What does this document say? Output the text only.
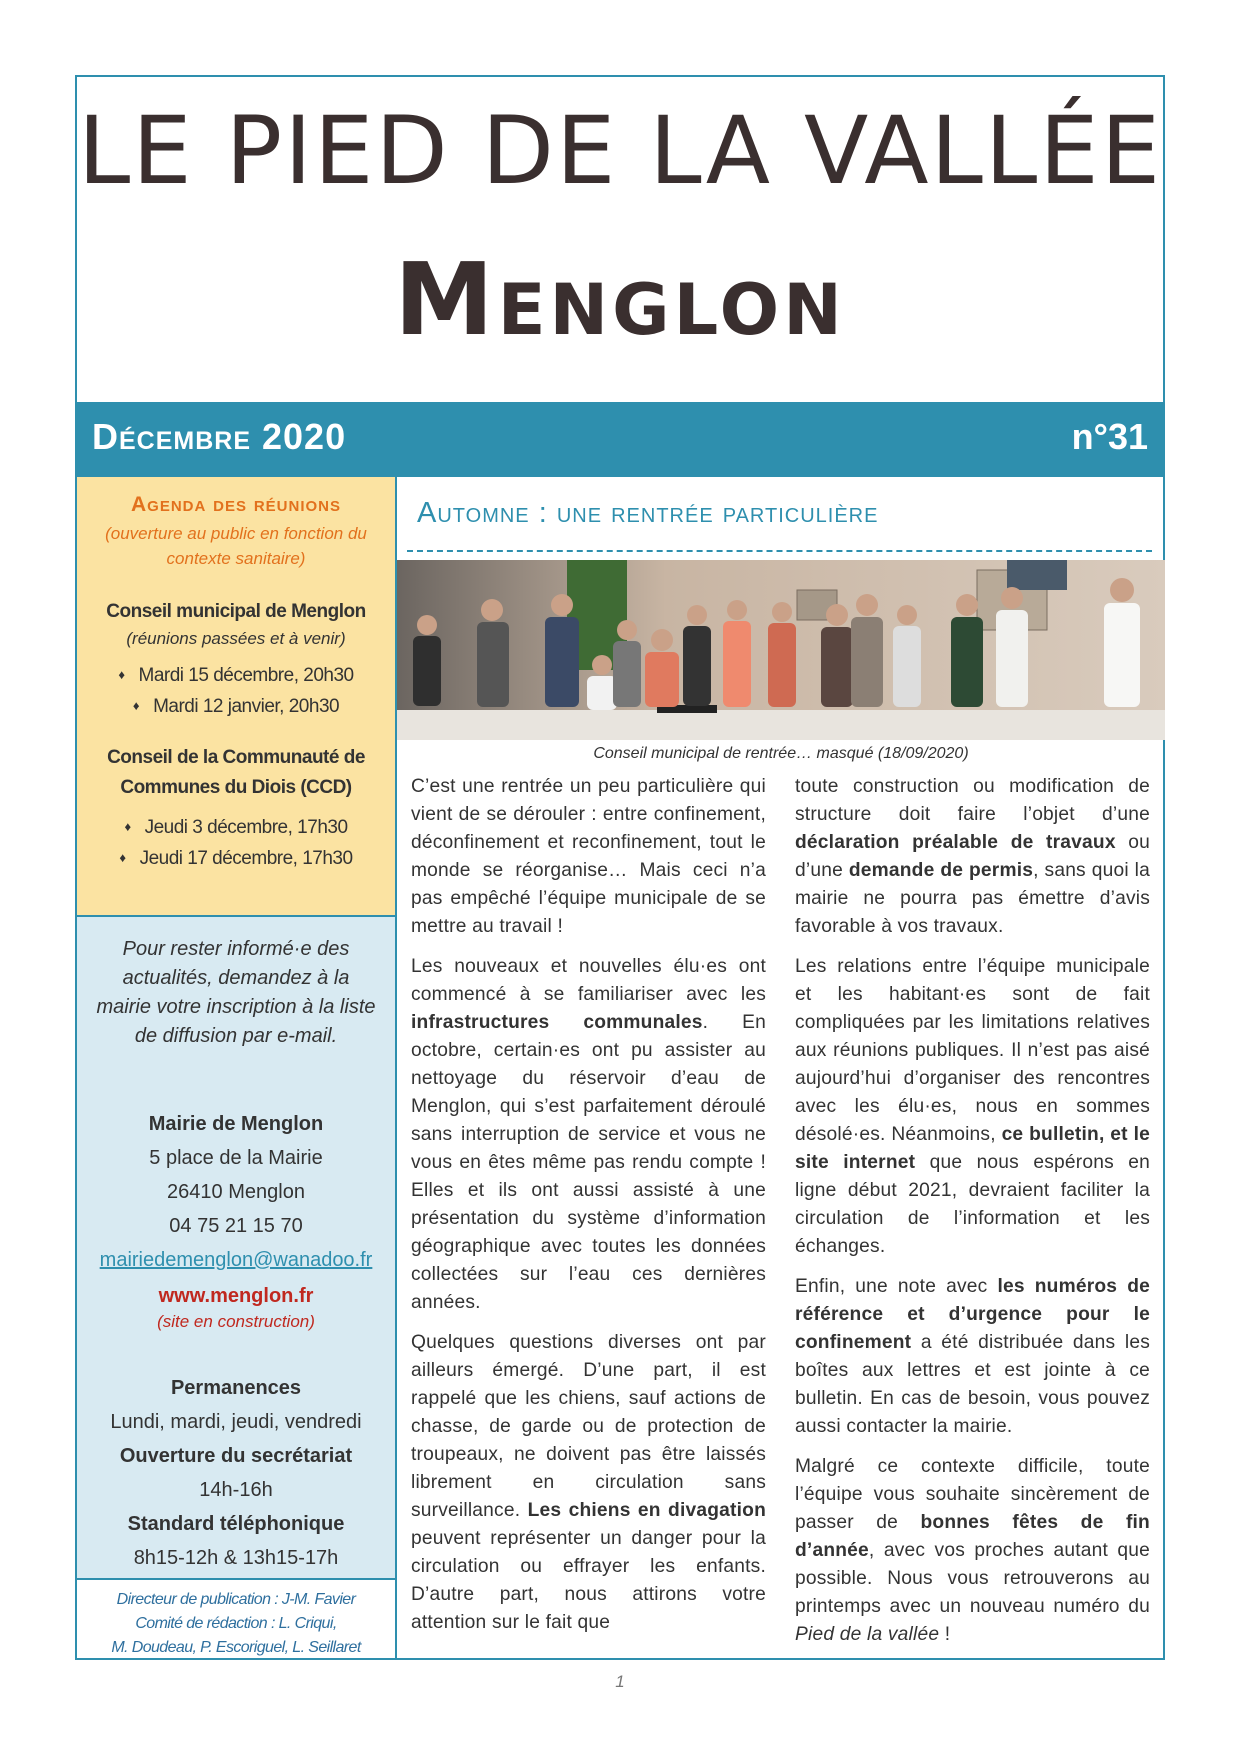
LE PIED DE LA VALLÉE
Menglon
Décembre 2020	n°31
Agenda des réunions
(ouverture au public en fonction du contexte sanitaire)
Conseil municipal de Menglon
(réunions passées et à venir)
♦ Mardi 15 décembre, 20h30
♦ Mardi 12 janvier, 20h30
Conseil de la Communauté de Communes du Diois (CCD)
♦ Jeudi 3 décembre, 17h30
♦ Jeudi 17 décembre, 17h30
Pour rester informé·e des actualités, demandez à la mairie votre inscription à la liste de diffusion par e-mail.
Mairie de Menglon
5 place de la Mairie
26410 Menglon
04 75 21 15 70
mairiedemenglon@wanadoo.fr
www.menglon.fr
(site en construction)
Permanences
Lundi, mardi, jeudi, vendredi
Ouverture du secrétariat
14h-16h
Standard téléphonique
8h15-12h & 13h15-17h
Directeur de publication : J-M. Favier
Comité de rédaction : L. Criqui,
M. Doudeau, P. Escoriguel, L. Seillaret
Automne : une rentrée particulière
Conseil municipal de rentrée… masqué (18/09/2020)

C’est une rentrée un peu particulière qui vient de se dérouler : entre confinement, déconfinement et reconfinement, tout le monde se réorganise… Mais ceci n’a pas empêché l’équipe municipale de se mettre au travail !

Les nouveaux et nouvelles élu·es ont commencé à se familiariser avec les infrastructures communales. En octobre, certain·es ont pu assister au nettoyage du réservoir d’eau de Menglon, qui s’est parfaitement déroulé sans interruption de service et vous ne vous en êtes même pas rendu compte ! Elles et ils ont aussi assisté à une présentation du système d’information géographique avec toutes les données collectées sur l’eau ces dernières années.

Quelques questions diverses ont par ailleurs émergé. D’une part, il est rappelé que les chiens, sauf actions de chasse, de garde ou de protection de troupeaux, ne doivent pas être laissés librement en circulation sans surveillance. Les chiens en divagation peuvent représenter un danger pour la circulation ou effrayer les enfants. D’autre part, nous attirons votre attention sur le fait que

toute construction ou modification de structure doit faire l’objet d’une déclaration préalable de travaux ou d’une demande de permis, sans quoi la mairie ne pourra pas émettre d’avis favorable à vos travaux.

Les relations entre l’équipe municipale et les habitant·es sont de fait compliquées par les limitations relatives aux réunions publiques. Il n’est pas aisé aujourd’hui d’organiser des rencontres avec les élu·es, nous en sommes désolé·es. Néanmoins, ce bulletin, et le site internet que nous espérons en ligne début 2021, devraient faciliter la circulation de l’information et les échanges.

Enfin, une note avec les numéros de référence et d’urgence pour le confinement a été distribuée dans les boîtes aux lettres et est jointe à ce bulletin. En cas de besoin, vous pouvez aussi contacter la mairie.

Malgré ce contexte difficile, toute l’équipe vous souhaite sincèrement de passer de bonnes fêtes de fin d’année, avec vos proches autant que possible. Nous vous retrouverons au printemps avec un nouveau numéro du Pied de la vallée !

1
